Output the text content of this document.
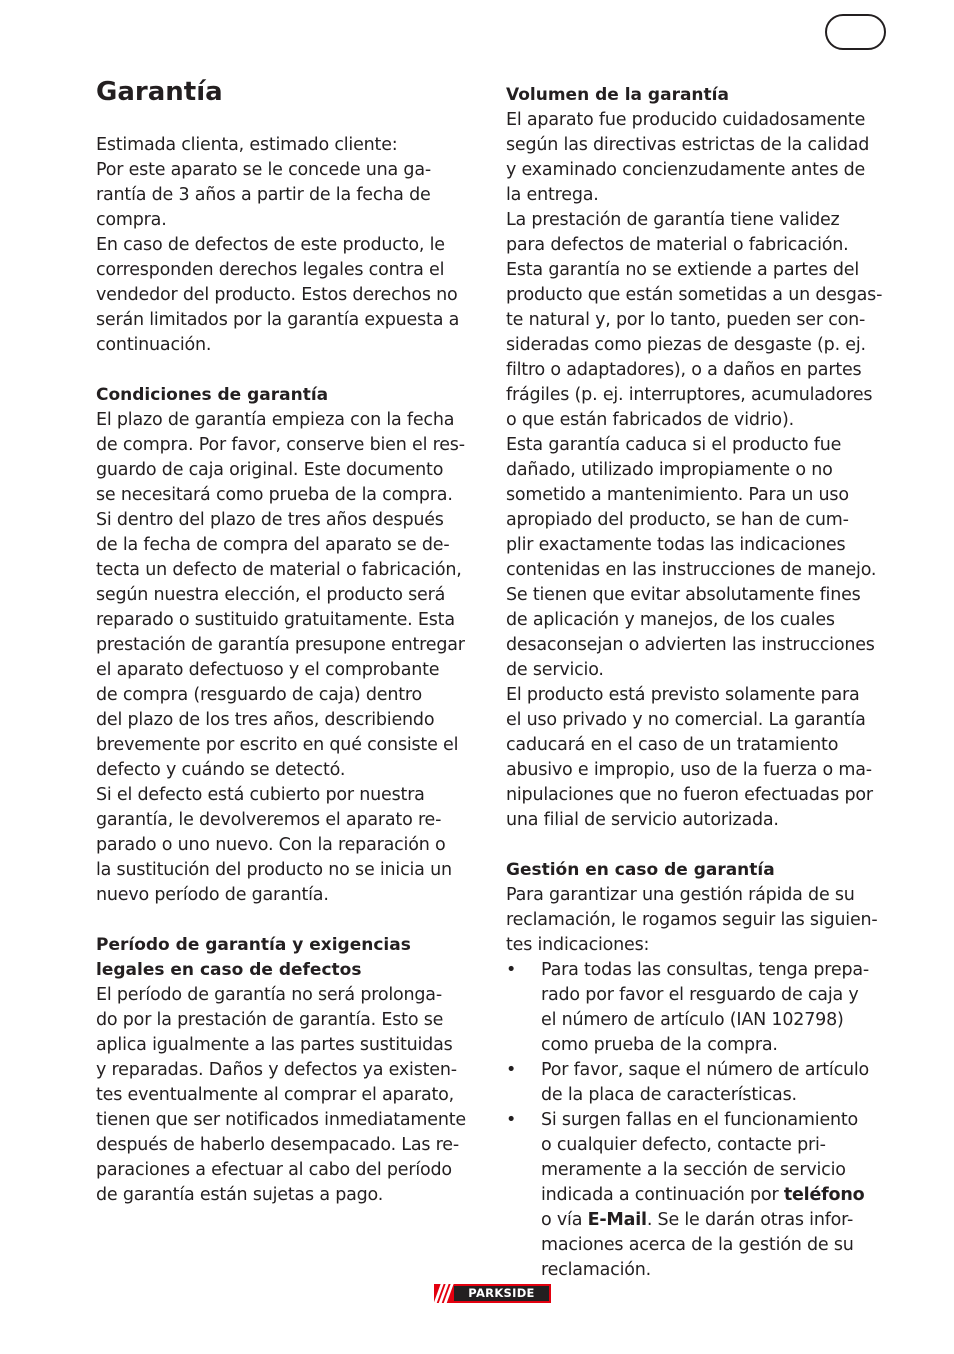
Garantía
Estimada clienta, estimado cliente:
Por este aparato se le concede una ga-
rantía de 3 años a partir de la fecha de
compra.
En caso de defectos de este producto, le
corresponden derechos legales contra el
vendedor del producto. Estos derechos no
serán limitados por la garantía expuesta a
continuación.
Condiciones de garantía
El plazo de garantía empieza con la fecha
de compra. Por favor, conserve bien el res-
guardo de caja original. Este documento
se necesitará como prueba de la compra.
Si dentro del plazo de tres años después
de la fecha de compra del aparato se de-
tecta un defecto de material o fabricación,
según nuestra elección, el producto será
reparado o sustituido gratuitamente. Esta
prestación de garantía presupone entregar
el aparato defectuoso y el comprobante
de compra (resguardo de caja) dentro
del plazo de los tres años, describiendo
brevemente por escrito en qué consiste el
defecto y cuándo se detectó.
Si el defecto está cubierto por nuestra
garantía, le devolveremos el aparato re-
parado o uno nuevo. Con la reparación o
la sustitución del producto no se inicia un
nuevo período de garantía.
Período de garantía y exigencias
legales en caso de defectos
El período de garantía no será prolonga-
do por la prestación de garantía. Esto se
aplica igualmente a las partes sustituidas
y reparadas. Daños y defectos ya existen-
tes eventualmente al comprar el aparato,
tienen que ser notificados inmediatamente
después de haberlo desempacado. Las re-
paraciones a efectuar al cabo del período
de garantía están sujetas a pago.
Volumen de la garantía
El aparato fue producido cuidadosamente
según las directivas estrictas de la calidad
y examinado concienzudamente antes de
la entrega.
La prestación de garantía tiene validez
para defectos de material o fabricación.
Esta garantía no se extiende a partes del
producto que están sometidas a un desgas-
te natural y, por lo tanto, pueden ser con-
sideradas como piezas de desgaste (p. ej.
filtro o adaptadores), o a daños en partes
frágiles (p. ej. interruptores, acumuladores
o que están fabricados de vidrio).
Esta garantía caduca si el producto fue
dañado, utilizado impropiamente o no
sometido a mantenimiento. Para un uso
apropiado del producto, se han de cum-
plir exactamente todas las indicaciones
contenidas en las instrucciones de manejo.
Se tienen que evitar absolutamente fines
de aplicación y manejos, de los cuales
desaconsejan o advierten las instrucciones
de servicio.
El producto está previsto solamente para
el uso privado y no comercial. La garantía
caducará en el caso de un tratamiento
abusivo e impropio, uso de la fuerza o ma-
nipulaciones que no fueron efectuadas por
una filial de servicio autorizada.
Gestión en caso de garantía
Para garantizar una gestión rápida de su
reclamación, le rogamos seguir las siguien-
tes indicaciones:
• Para todas las consultas, tenga prepa-
rado por favor el resguardo de caja y
el número de artículo (IAN 102798)
como prueba de la compra.
• Por favor, saque el número de artículo
de la placa de características.
• Si surgen fallas en el funcionamiento
o cualquier defecto, contacte pri-
meramente a la sección de servicio
indicada a continuación por teléfono
o vía E-Mail. Se le darán otras infor-
maciones acerca de la gestión de su
reclamación.
PARKSIDE
